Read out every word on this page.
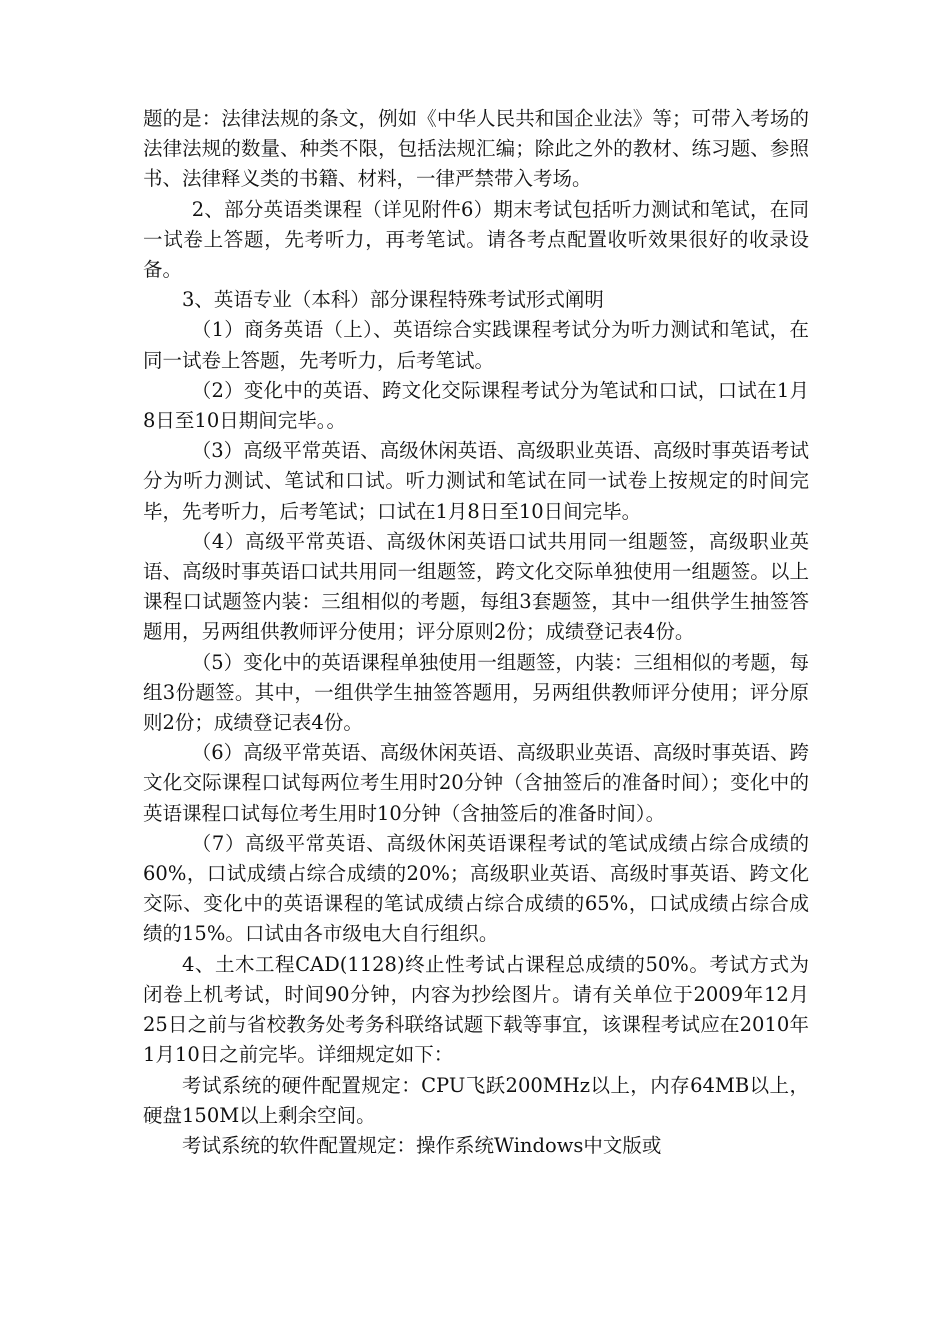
题的是：法律法规的条文，例如《中华人民共和国企业法》等；可带入考场的法律法规的数量、种类不限，包括法规汇编；除此之外的教材、练习题、参照书、法律释义类的书籍、材料，一律严禁带入考场。

2、部分英语类课程（详见附件6）期末考试包括听力测试和笔试，在同一试卷上答题，先考听力，再考笔试。请各考点配置收听效果很好的收录设备。

3、英语专业（本科）部分课程特殊考试形式阐明

（1）商务英语（上）、英语综合实践课程考试分为听力测试和笔试，在同一试卷上答题，先考听力，后考笔试。

（2）变化中的英语、跨文化交际课程考试分为笔试和口试，口试在1月8日至10日期间完毕。。

（3）高级平常英语、高级休闲英语、高级职业英语、高级时事英语考试分为听力测试、笔试和口试。听力测试和笔试在同一试卷上按规定的时间完毕，先考听力，后考笔试；口试在1月8日至10日间完毕。

（4）高级平常英语、高级休闲英语口试共用同一组题签，高级职业英语、高级时事英语口试共用同一组题签，跨文化交际单独使用一组题签。以上课程口试题签内装：三组相似的考题，每组3套题签，其中一组供学生抽签答题用，另两组供教师评分使用；评分原则2份；成绩登记表4份。

（5）变化中的英语课程单独使用一组题签，内装：三组相似的考题，每组3份题签。其中，一组供学生抽签答题用，另两组供教师评分使用；评分原则2份；成绩登记表4份。

（6）高级平常英语、高级休闲英语、高级职业英语、高级时事英语、跨文化交际课程口试每两位考生用时20分钟（含抽签后的准备时间）；变化中的英语课程口试每位考生用时10分钟（含抽签后的准备时间）。

（7）高级平常英语、高级休闲英语课程考试的笔试成绩占综合成绩的60%，口试成绩占综合成绩的20%；高级职业英语、高级时事英语、跨文化交际、变化中的英语课程的笔试成绩占综合成绩的65%，口试成绩占综合成绩的15%。口试由各市级电大自行组织。

4、土木工程CAD(1128)终止性考试占课程总成绩的50%。考试方式为闭卷上机考试，时间90分钟，内容为抄绘图片。请有关单位于2009年12月25日之前与省校教务处考务科联络试题下载等事宜，该课程考试应在2010年1月10日之前完毕。详细规定如下：

考试系统的硬件配置规定：CPU飞跃200MHz以上，内存64MB以上，硬盘150M以上剩余空间。

考试系统的软件配置规定：操作系统Windows中文版或
